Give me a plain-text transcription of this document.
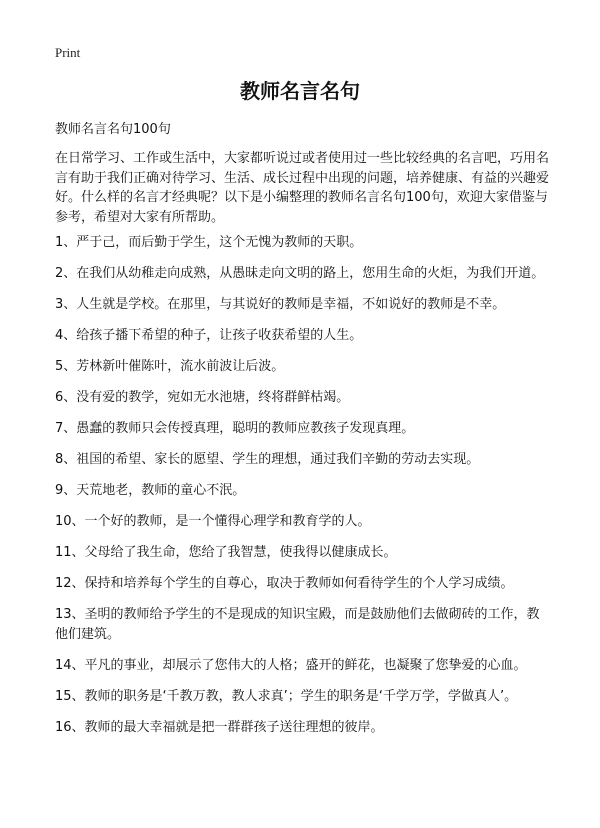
Print
教师名言名句
教师名言名句100句

在日常学习、工作或生活中，大家都听说过或者使用过一些比较经典的名言吧，巧用名言有助于我们正确对待学习、生活、成长过程中出现的问题，培养健康、有益的兴趣爱好。什么样的名言才经典呢？以下是小编整理的教师名言名句100句，欢迎大家借鉴与参考，希望对大家有所帮助。

1、严于己，而后勤于学生，这个无愧为教师的天职。
2、在我们从幼稚走向成熟，从愚昧走向文明的路上，您用生命的火炬，为我们开道。
3、人生就是学校。在那里，与其说好的教师是幸福，不如说好的教师是不幸。
4、给孩子播下希望的种子，让孩子收获希望的人生。
5、芳林新叶催陈叶，流水前波让后波。
6、没有爱的教学，宛如无水池塘，终将群鲜枯竭。
7、愚蠢的教师只会传授真理，聪明的教师应教孩子发现真理。
8、祖国的希望、家长的愿望、学生的理想，通过我们辛勤的劳动去实现。
9、天荒地老，教师的童心不泯。
10、一个好的教师，是一个懂得心理学和教育学的人。
11、父母给了我生命，您给了我智慧，使我得以健康成长。
12、保持和培养每个学生的自尊心，取决于教师如何看待学生的个人学习成绩。
13、圣明的教师给予学生的不是现成的知识宝殿，而是鼓励他们去做砌砖的工作，教他们建筑。
14、平凡的事业，却展示了您伟大的人格；盛开的鲜花，也凝聚了您挚爱的心血。
15、教师的职务是‘千教万教，教人求真’；学生的职务是‘千学万学，学做真人’。
16、教师的最大幸福就是把一群群孩子送往理想的彼岸。
